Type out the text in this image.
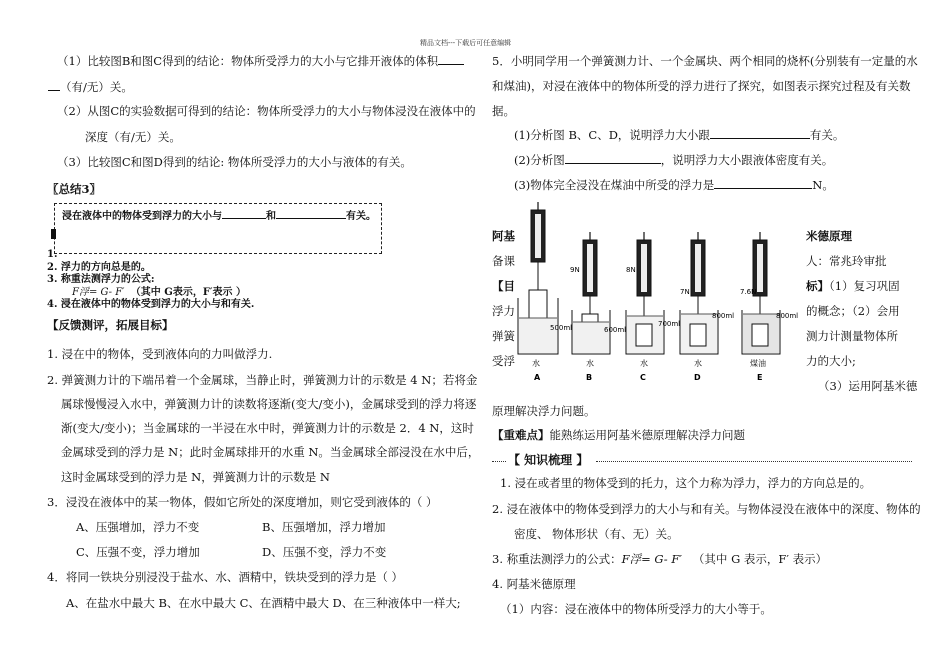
精品文档---下载后可任意编辑
（1）比较图B和图C得到的结论：物体所受浮力的大小与它排开液体的体积
（有/无）关。
（2）从图C的实验数据可得到的结论：物体所受浮力的大小与物体浸没在液体中的
深度（有/无）关。
（3）比较图C和图D得到的结论: 物体所受浮力的大小与液体的有关。
〖总结3〗
浸在液体中的物体受到浮力的大小与	和	有关。
1.
2. 浮力的方向总是的。
3. 称重法测浮力的公式:
F浮= G- F′ （其中 G表示，F′表示 ）
4. 浸在液体中的物体受到浮力的大小与和有关.
【反馈测评，拓展目标】
1. 浸在中的物体，受到液体向的力叫做浮力.
2. 弹簧测力计的下端吊着一个金属球，当静止时，弹簧测力计的示数是 4 N；若将金
属球慢慢浸入水中，弹簧测力计的读数将逐渐(变大/变小)，金属球受到的浮力将逐
渐(变大/变小)；当金属球的一半浸在水中时，弹簧测力计的示数是 2．4 N，这时
金属球受到的浮力是 N；此时金属球排开的水重 N。当金属球全部浸没在水中后，
这时金属球受到的浮力是 N，弹簧测力计的示数是 N
3．浸没在液体中的某一物体，假如它所处的深度增加，则它受到液体的（ ）
A、压强增加，浮力不变	B、压强增加，浮力增加
C、压强不变，浮力增加	D、压强不变，浮力不变
4．将同一铁块分别浸没于盐水、水、酒精中，铁块受到的浮力是（ ）
A、在盐水中最大 B、在水中最大 C、在酒精中最大 D、在三种液体中一样大;
5．小明同学用一个弹簧测力计、一个金属块、两个相同的烧杯(分别装有一定量的水
和煤油)，对浸在液体中的物体所受的浮力进行了探究，如图表示探究过程及有关数
据。
(1)分析图 B、C、D，说明浮力大小跟	有关。
(2)分析图	，说明浮力大小跟液体密度有关。
(3)物体完全浸没在煤油中所受的浮力是	N。
阿基
备课
【目
浮力
弹簧
受浮
米德原理
人：常兆玲审批
标】（1）复习巩固
的概念；（2）会用
测力计测量物体所
力的大小;
（3）运用阿基米德
500ml
水
A
9N
600ml
水
B
8N
700ml
水
C
7N
800ml
水
D
7.6N
800ml
煤油
E
原理解决浮力问题。
【重难点】能熟练运用阿基米德原理解决浮力问题
【 知识梳理 】
1. 浸在或者里的物体受到的托力，这个力称为浮力，浮力的方向总是的。
2. 浸在液体中的物体受到浮力的大小与和有关。与物体浸没在液体中的深度、物体的
密度、 物体形状（有、无）关。
3. 称重法测浮力的公式：F浮= G- F′ （其中 G 表示，F′ 表示）
4. 阿基米德原理
（1）内容：浸在液体中的物体所受浮力的大小等于。
